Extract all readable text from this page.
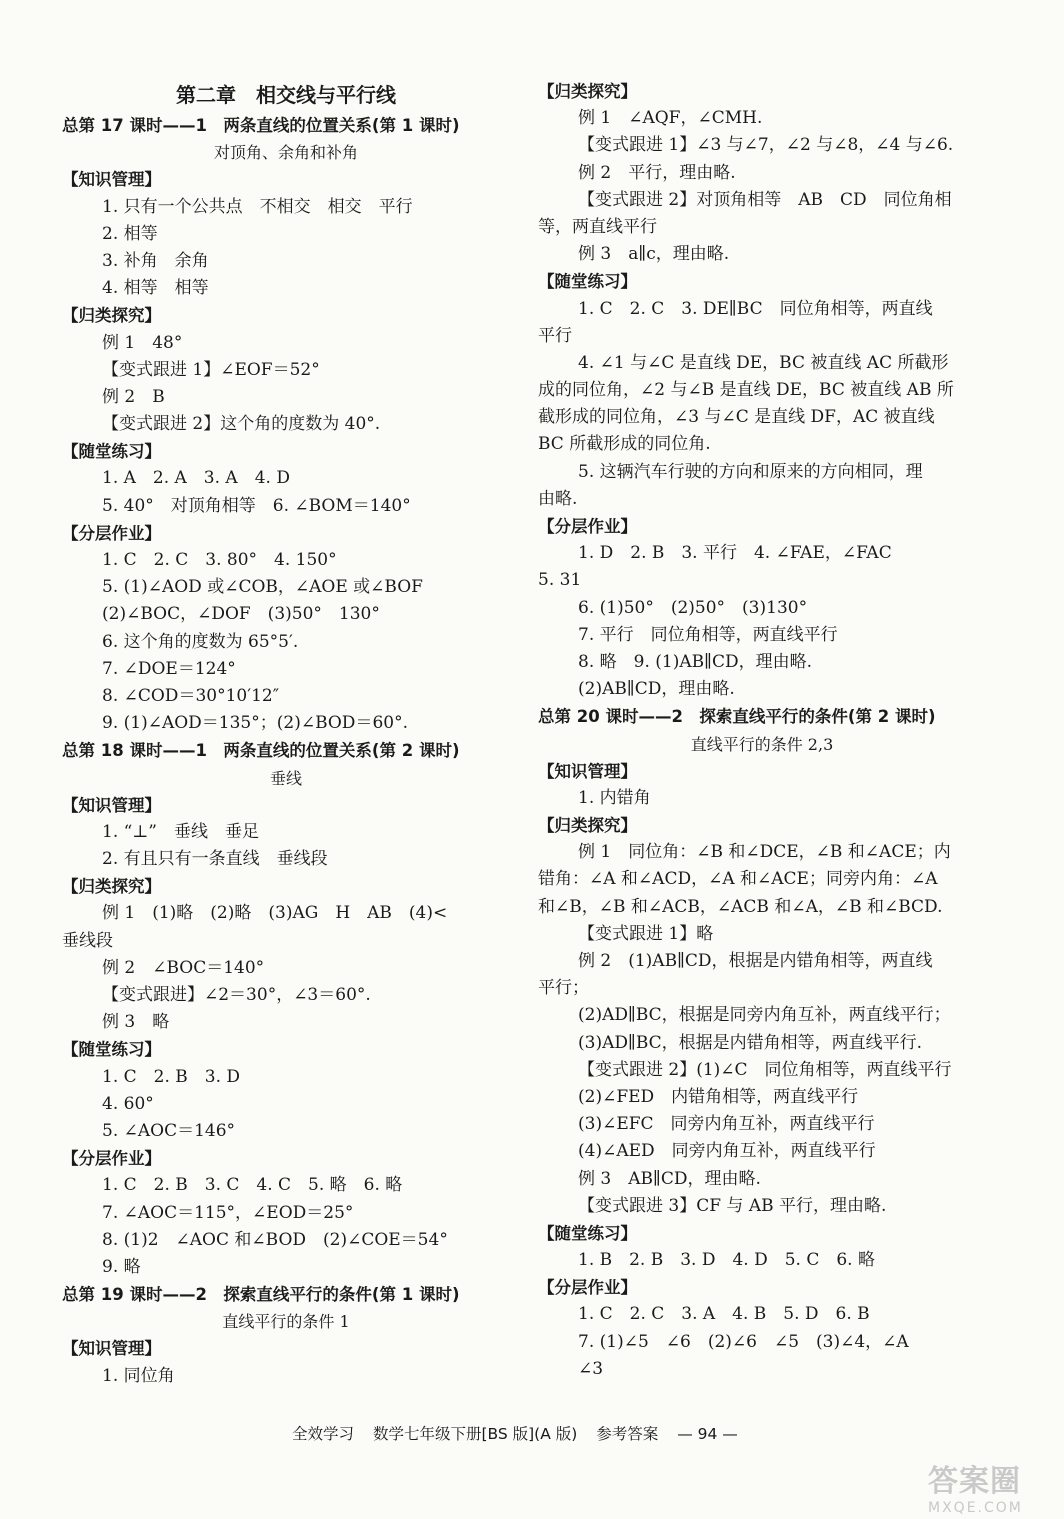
第二章　相交线与平行线
总第 17 课时——1　两条直线的位置关系(第 1 课时)
对顶角、余角和补角
【知识管理】
1. 只有一个公共点　不相交　相交　平行
2. 相等
3. 补角　余角
4. 相等　相等
【归类探究】
例 1　48°
【变式跟进 1】∠EOF＝52°
例 2　B
【变式跟进 2】这个角的度数为 40°.
【随堂练习】
1. A　2. A　3. A　4. D
5. 40°　对顶角相等　6. ∠BOM＝140°
【分层作业】
1. C　2. C　3. 80°　4. 150°
5. (1)∠AOD 或∠COB，∠AOE 或∠BOF
(2)∠BOC，∠DOF　(3)50°　130°
6. 这个角的度数为 65°5′.
7. ∠DOE＝124°
8. ∠COD＝30°10′12″
9. (1)∠AOD＝135°；(2)∠BOD＝60°.
总第 18 课时——1　两条直线的位置关系(第 2 课时)
垂线
【知识管理】
1. “⊥”　垂线　垂足
2. 有且只有一条直线　垂线段
【归类探究】
例 1　(1)略　(2)略　(3)AG　H　AB　(4)<
垂线段
例 2　∠BOC＝140°
【变式跟进】∠2＝30°，∠3＝60°.
例 3　略
【随堂练习】
1. C　2. B　3. D
4. 60°
5. ∠AOC＝146°
【分层作业】
1. C　2. B　3. C　4. C　5. 略　6. 略
7. ∠AOC＝115°，∠EOD＝25°
8. (1)2　∠AOC 和∠BOD　(2)∠COE＝54°
9. 略
总第 19 课时——2　探索直线平行的条件(第 1 课时)
直线平行的条件 1
【知识管理】
1. 同位角
【归类探究】
例 1　∠AQF，∠CMH.
【变式跟进 1】∠3 与∠7，∠2 与∠8，∠4 与∠6.
例 2　平行，理由略.
【变式跟进 2】对顶角相等　AB　CD　同位角相
等，两直线平行
例 3　a∥c，理由略.
【随堂练习】
1. C　2. C　3. DE∥BC　同位角相等，两直线
平行
4. ∠1 与∠C 是直线 DE，BC 被直线 AC 所截形
成的同位角，∠2 与∠B 是直线 DE，BC 被直线 AB 所
截形成的同位角，∠3 与∠C 是直线 DF，AC 被直线
BC 所截形成的同位角.
5. 这辆汽车行驶的方向和原来的方向相同，理
由略.
【分层作业】
1. D　2. B　3. 平行　4. ∠FAE，∠FAC
5. 31
6. (1)50°　(2)50°　(3)130°
7. 平行　同位角相等，两直线平行
8. 略　9. (1)AB∥CD，理由略.
(2)AB∥CD，理由略.
总第 20 课时——2　探索直线平行的条件(第 2 课时)
直线平行的条件 2,3
【知识管理】
1. 内错角
【归类探究】
例 1　同位角：∠B 和∠DCE，∠B 和∠ACE；内
错角：∠A 和∠ACD，∠A 和∠ACE；同旁内角：∠A
和∠B，∠B 和∠ACB，∠ACB 和∠A，∠B 和∠BCD.
【变式跟进 1】略
例 2　(1)AB∥CD，根据是内错角相等，两直线
平行；
(2)AD∥BC，根据是同旁内角互补，两直线平行；
(3)AD∥BC，根据是内错角相等，两直线平行.
【变式跟进 2】(1)∠C　同位角相等，两直线平行
(2)∠FED　内错角相等，两直线平行
(3)∠EFC　同旁内角互补，两直线平行
(4)∠AED　同旁内角互补，两直线平行
例 3　AB∥CD，理由略.
【变式跟进 3】CF 与 AB 平行，理由略.
【随堂练习】
1. B　2. B　3. D　4. D　5. C　6. 略
【分层作业】
1. C　2. C　3. A　4. B　5. D　6. B
7. (1)∠5　∠6　(2)∠6　∠5　(3)∠4，∠A
∠3
全效学习 数学七年级下册[BS 版](A 版) 参考答案 — 94 —
答案圈
MXQE.COM
